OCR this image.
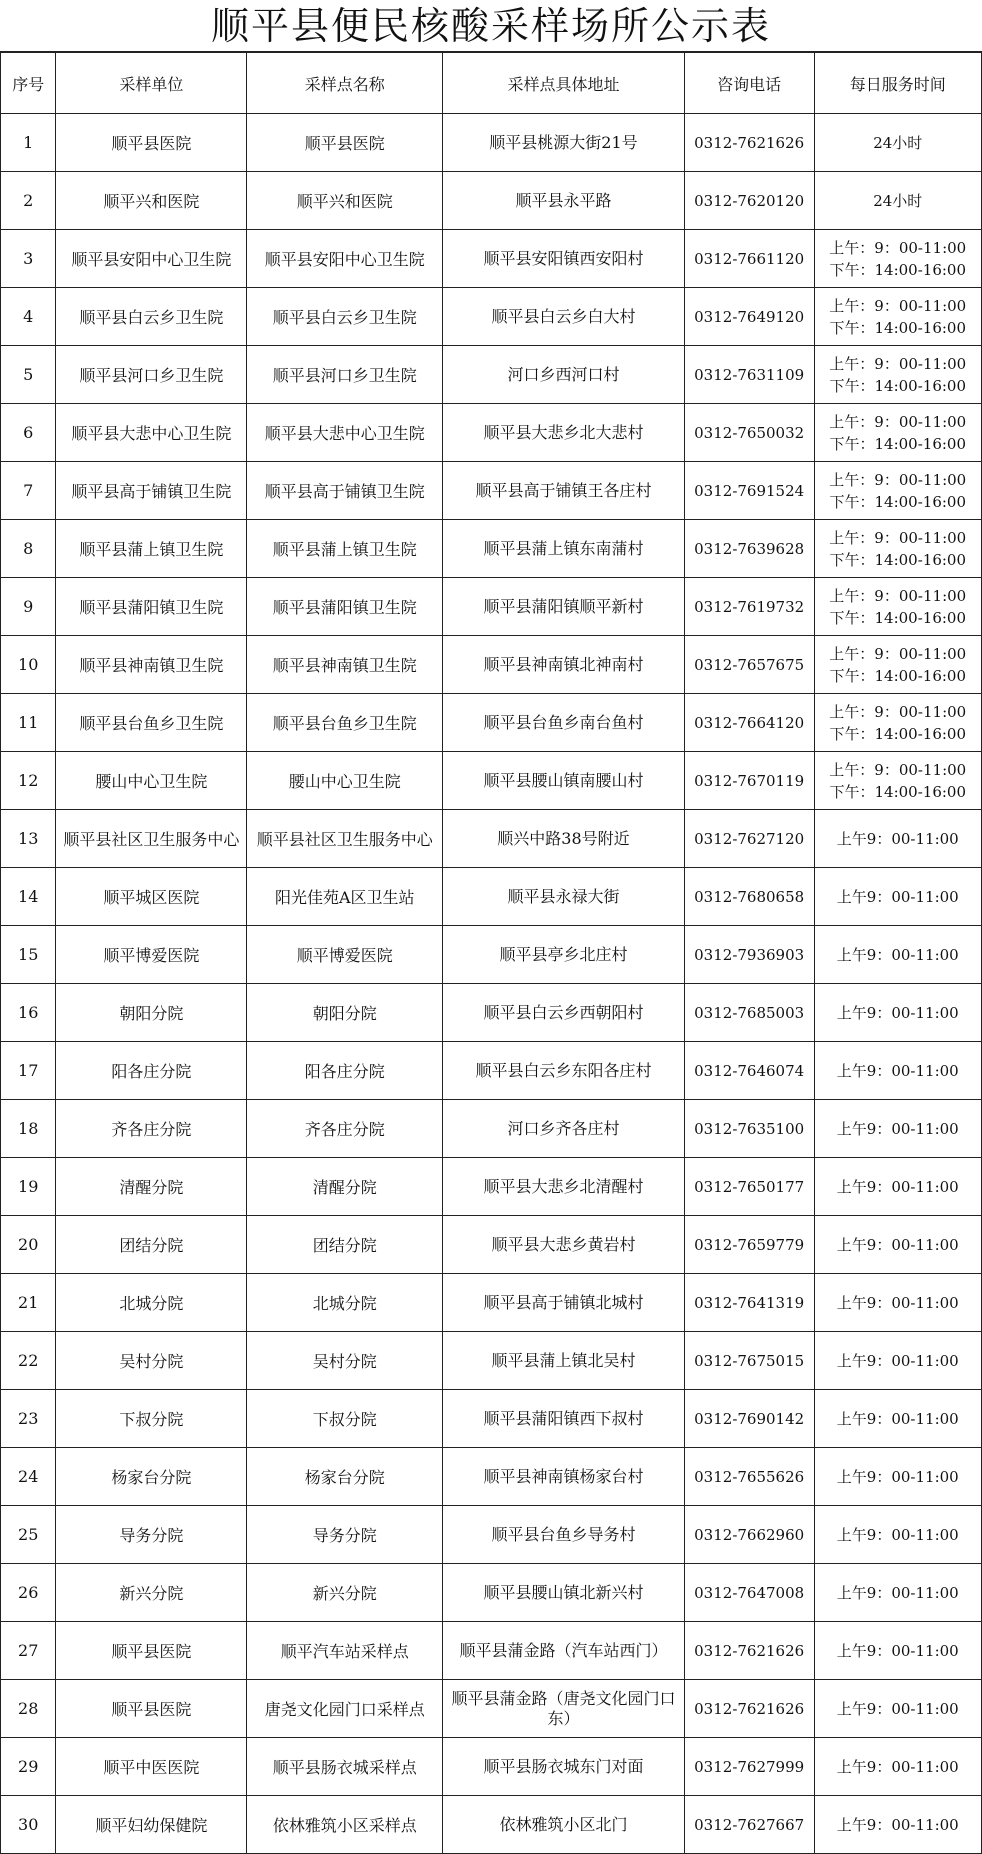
顺平县便民核酸采样场所公示表
序号	采样单位	采样点名称	采样点具体地址	咨询电话	每日服务时间
1	顺平县医院	顺平县医院	顺平县桃源大街21号	0312-7621626	24小时

2	顺平兴和医院	顺平兴和医院	顺平县永平路	0312-7620120	24小时

3	顺平县安阳中心卫生院	顺平县安阳中心卫生院	顺平县安阳镇西安阳村	0312-7661120	上午：9：00-11:00
下午：14:00-16:00

4	顺平县白云乡卫生院	顺平县白云乡卫生院	顺平县白云乡白大村	0312-7649120	上午：9：00-11:00
下午：14:00-16:00

5	顺平县河口乡卫生院	顺平县河口乡卫生院	河口乡西河口村	0312-7631109	上午：9：00-11:00
下午：14:00-16:00

6	顺平县大悲中心卫生院	顺平县大悲中心卫生院	顺平县大悲乡北大悲村	0312-7650032	上午：9：00-11:00
下午：14:00-16:00

7	顺平县高于铺镇卫生院	顺平县高于铺镇卫生院	顺平县高于铺镇王各庄村	0312-7691524	上午：9：00-11:00
下午：14:00-16:00

8	顺平县蒲上镇卫生院	顺平县蒲上镇卫生院	顺平县蒲上镇东南蒲村	0312-7639628	上午：9：00-11:00
下午：14:00-16:00

9	顺平县蒲阳镇卫生院	顺平县蒲阳镇卫生院	顺平县蒲阳镇顺平新村	0312-7619732	上午：9：00-11:00
下午：14:00-16:00

10	顺平县神南镇卫生院	顺平县神南镇卫生院	顺平县神南镇北神南村	0312-7657675	上午：9：00-11:00
下午：14:00-16:00

11	顺平县台鱼乡卫生院	顺平县台鱼乡卫生院	顺平县台鱼乡南台鱼村	0312-7664120	上午：9：00-11:00
下午：14:00-16:00

12	腰山中心卫生院	腰山中心卫生院	顺平县腰山镇南腰山村	0312-7670119	上午：9：00-11:00
下午：14:00-16:00

13	顺平县社区卫生服务中心	顺平县社区卫生服务中心	顺兴中路38号附近	0312-7627120	上午9：00-11:00

14	顺平城区医院	阳光佳苑A区卫生站	顺平县永禄大街	0312-7680658	上午9：00-11:00

15	顺平博爱医院	顺平博爱医院	顺平县亭乡北庄村	0312-7936903	上午9：00-11:00

16	朝阳分院	朝阳分院	顺平县白云乡西朝阳村	0312-7685003	上午9：00-11:00

17	阳各庄分院	阳各庄分院	顺平县白云乡东阳各庄村	0312-7646074	上午9：00-11:00

18	齐各庄分院	齐各庄分院	河口乡齐各庄村	0312-7635100	上午9：00-11:00

19	清醒分院	清醒分院	顺平县大悲乡北清醒村	0312-7650177	上午9：00-11:00

20	团结分院	团结分院	顺平县大悲乡黄岩村	0312-7659779	上午9：00-11:00

21	北城分院	北城分院	顺平县高于铺镇北城村	0312-7641319	上午9：00-11:00

22	吴村分院	吴村分院	顺平县蒲上镇北吴村	0312-7675015	上午9：00-11:00

23	下叔分院	下叔分院	顺平县蒲阳镇西下叔村	0312-7690142	上午9：00-11:00

24	杨家台分院	杨家台分院	顺平县神南镇杨家台村	0312-7655626	上午9：00-11:00

25	导务分院	导务分院	顺平县台鱼乡导务村	0312-7662960	上午9：00-11:00

26	新兴分院	新兴分院	顺平县腰山镇北新兴村	0312-7647008	上午9：00-11:00

27	顺平县医院	顺平汽车站采样点	顺平县蒲金路（汽车站西门）	0312-7621626	上午9：00-11:00

28	顺平县医院	唐尧文化园门口采样点	顺平县蒲金路（唐尧文化园门口东）	0312-7621626	上午9：00-11:00

29	顺平中医医院	顺平县肠衣城采样点	顺平县肠衣城东门对面	0312-7627999	上午9：00-11:00

30	顺平妇幼保健院	依林雅筑小区采样点	依林雅筑小区北门	0312-7627667	上午9：00-11:00
